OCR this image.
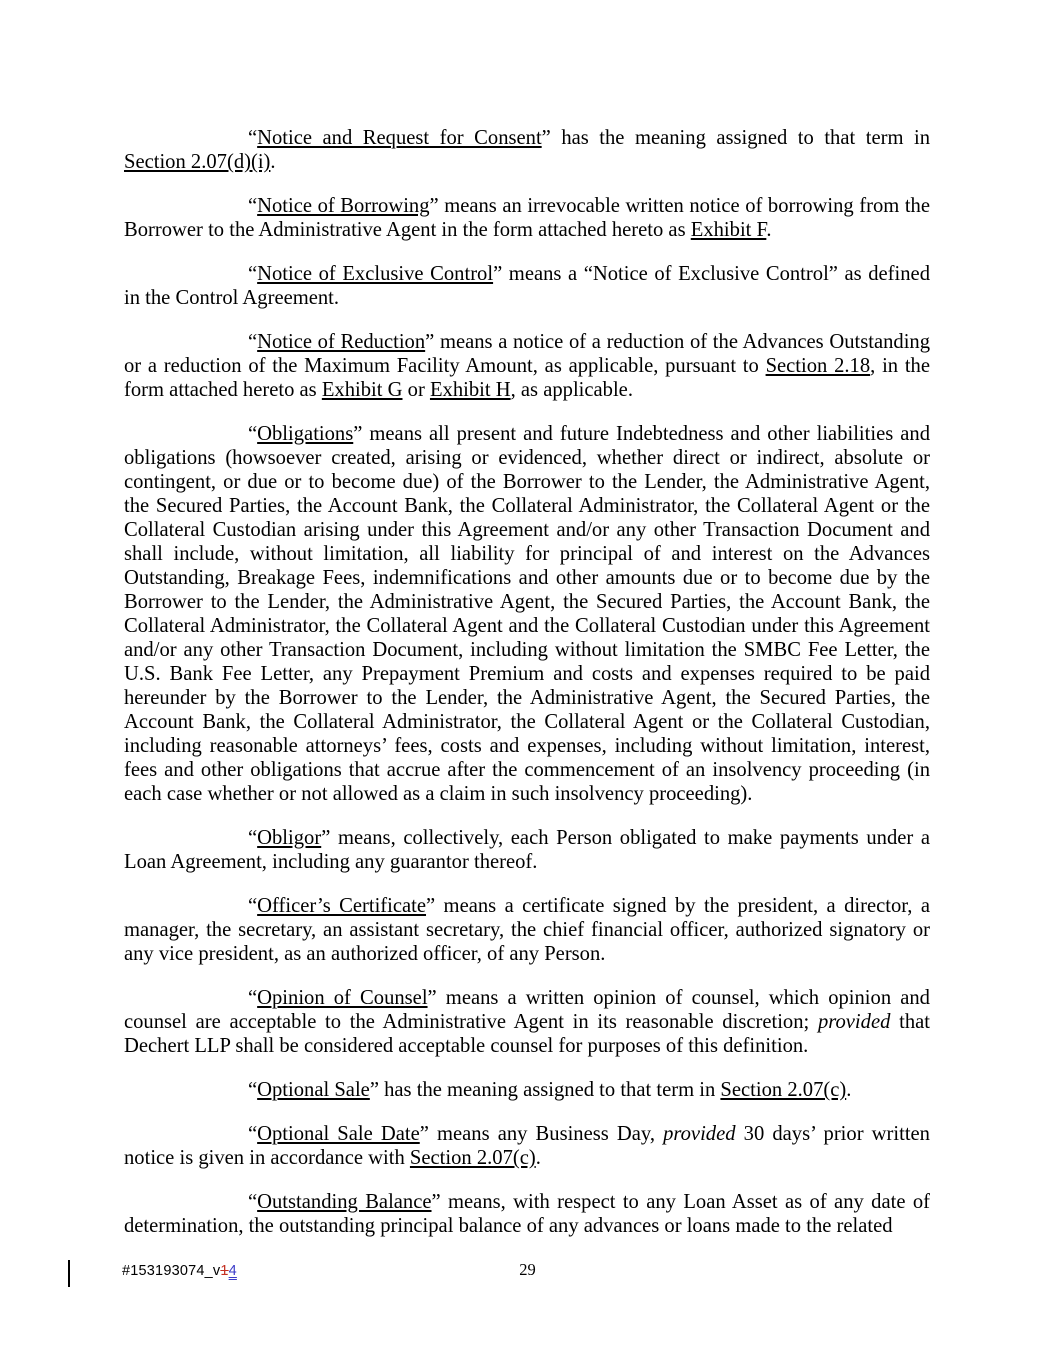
“Notice and Request for Consent” has the meaning assigned to that term in Section 2.07(d)(i).

“Notice of Borrowing” means an irrevocable written notice of borrowing from the Borrower to the Administrative Agent in the form attached hereto as Exhibit F.

“Notice of Exclusive Control” means a “Notice of Exclusive Control” as defined in the Control Agreement.

“Notice of Reduction” means a notice of a reduction of the Advances Outstanding or a reduction of the Maximum Facility Amount, as applicable, pursuant to Section 2.18, in the form attached hereto as Exhibit G or Exhibit H, as applicable.

“Obligations” means all present and future Indebtedness and other liabilities and obligations (howsoever created, arising or evidenced, whether direct or indirect, absolute or contingent, or due or to become due) of the Borrower to the Lender, the Administrative Agent, the Secured Parties, the Account Bank, the Collateral Administrator, the Collateral Agent or the Collateral Custodian arising under this Agreement and/or any other Transaction Document and shall include, without limitation, all liability for principal of and interest on the Advances Outstanding, Breakage Fees, indemnifications and other amounts due or to become due by the Borrower to the Lender, the Administrative Agent, the Secured Parties, the Account Bank, the Collateral Administrator, the Collateral Agent and the Collateral Custodian under this Agreement and/or any other Transaction Document, including without limitation the SMBC Fee Letter, the U.S. Bank Fee Letter, any Prepayment Premium and costs and expenses required to be paid hereunder by the Borrower to the Lender, the Administrative Agent, the Secured Parties, the Account Bank, the Collateral Administrator, the Collateral Agent or the Collateral Custodian, including reasonable attorneys’ fees, costs and expenses, including without limitation, interest, fees and other obligations that accrue after the commencement of an insolvency proceeding (in each case whether or not allowed as a claim in such insolvency proceeding).

“Obligor” means, collectively, each Person obligated to make payments under a Loan Agreement, including any guarantor thereof.

“Officer’s Certificate” means a certificate signed by the president, a director, a manager, the secretary, an assistant secretary, the chief financial officer, authorized signatory or any vice president, as an authorized officer, of any Person.

“Opinion of Counsel” means a written opinion of counsel, which opinion and counsel are acceptable to the Administrative Agent in its reasonable discretion; provided that Dechert LLP shall be considered acceptable counsel for purposes of this definition.

“Optional Sale” has the meaning assigned to that term in Section 2.07(c).

“Optional Sale Date” means any Business Day, provided 30 days’ prior written notice is given in accordance with Section 2.07(c).

“Outstanding Balance” means, with respect to any Loan Asset as of any date of determination, the outstanding principal balance of any advances or loans made to the related

#153193074_v14	29
